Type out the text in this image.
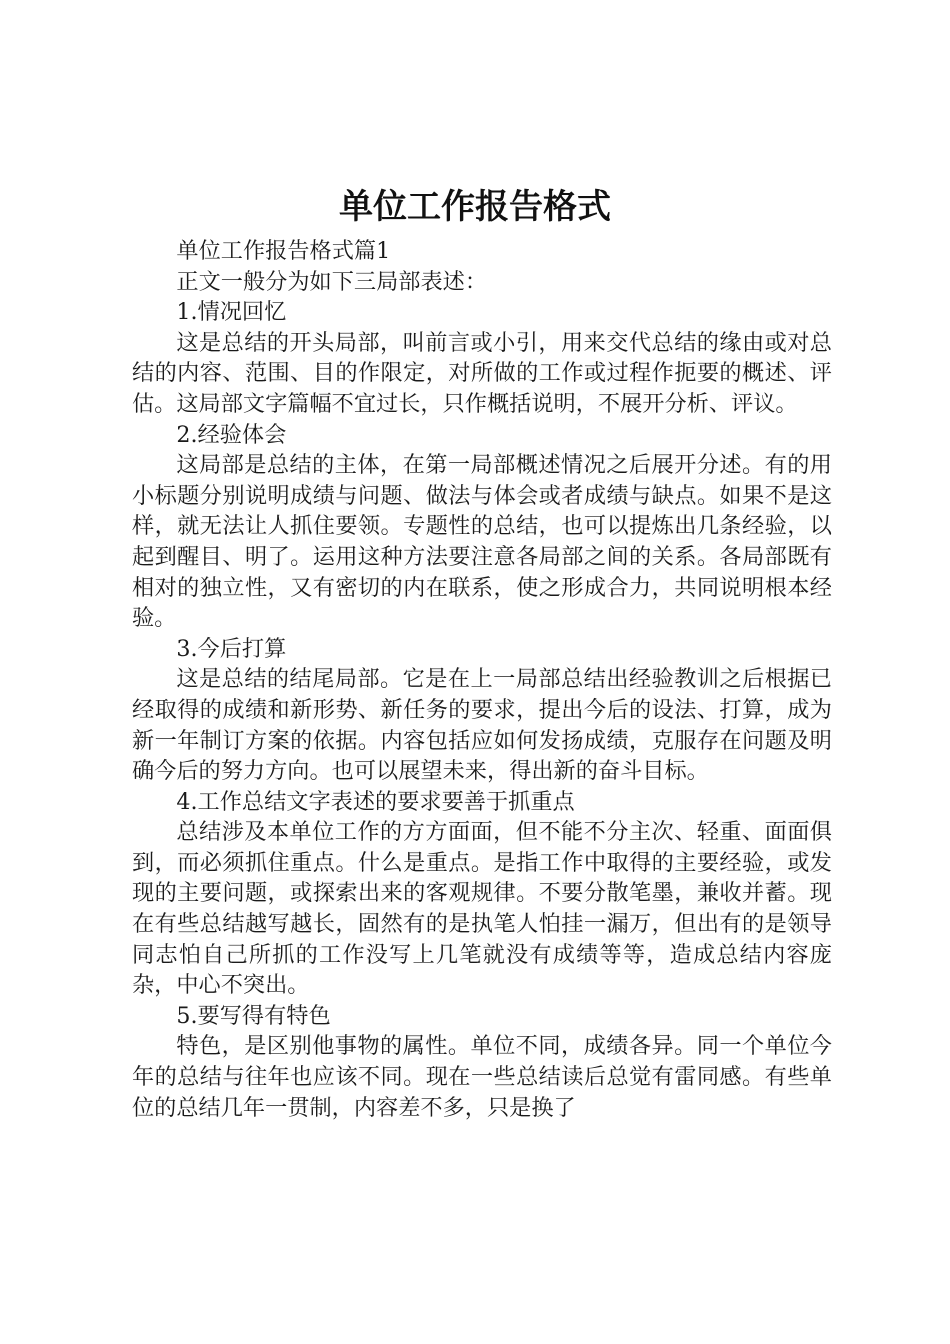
单位工作报告格式

单位工作报告格式篇1

正文一般分为如下三局部表述：

1.情况回忆

这是总结的开头局部，叫前言或小引，用来交代总结的缘由或对总结的内容、范围、目的作限定，对所做的工作或过程作扼要的概述、评估。这局部文字篇幅不宜过长，只作概括说明，不展开分析、评议。

2.经验体会

这局部是总结的主体，在第一局部概述情况之后展开分述。有的用小标题分别说明成绩与问题、做法与体会或者成绩与缺点。如果不是这样，就无法让人抓住要领。专题性的总结，也可以提炼出几条经验，以起到醒目、明了。运用这种方法要注意各局部之间的关系。各局部既有相对的独立性，又有密切的内在联系，使之形成合力，共同说明根本经验。

3.今后打算

这是总结的结尾局部。它是在上一局部总结出经验教训之后根据已经取得的成绩和新形势、新任务的要求，提出今后的设法、打算，成为新一年制订方案的依据。内容包括应如何发扬成绩，克服存在问题及明确今后的努力方向。也可以展望未来，得出新的奋斗目标。

4.工作总结文字表述的要求要善于抓重点

总结涉及本单位工作的方方面面，但不能不分主次、轻重、面面俱到，而必须抓住重点。什么是重点。是指工作中取得的主要经验，或发现的主要问题，或探索出来的客观规律。不要分散笔墨，兼收并蓄。现在有些总结越写越长，固然有的是执笔人怕挂一漏万，但出有的是领导同志怕自己所抓的工作没写上几笔就没有成绩等等，造成总结内容庞杂，中心不突出。

5.要写得有特色

特色，是区别他事物的属性。单位不同，成绩各异。同一个单位今年的总结与往年也应该不同。现在一些总结读后总觉有雷同感。有些单位的总结几年一贯制，内容差不多，只是换了
